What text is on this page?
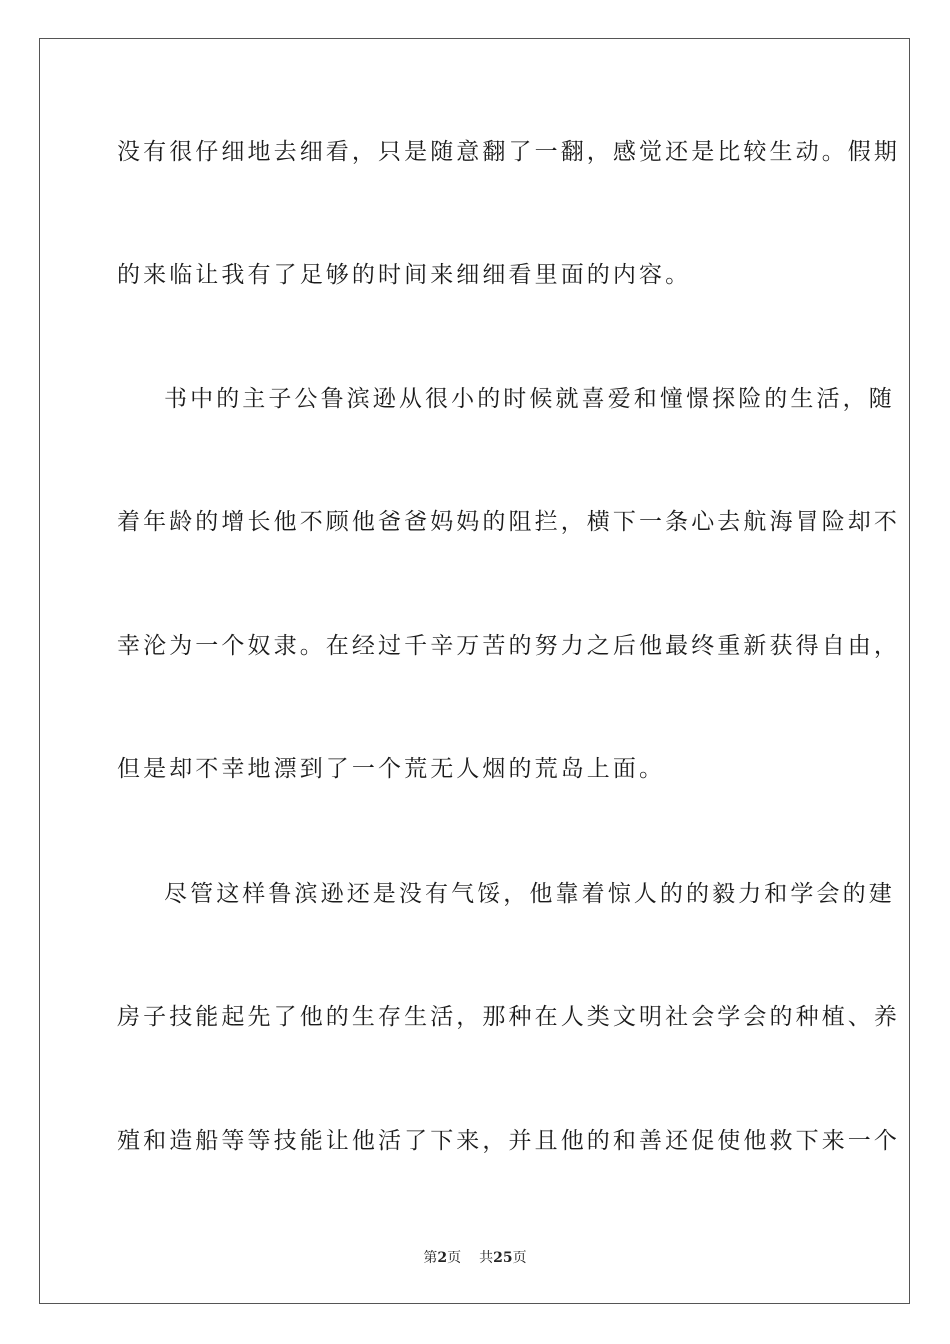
没有很仔细地去细看，只是随意翻了一翻，感觉还是比较生动。假期
的来临让我有了足够的时间来细细看里面的内容。
书中的主子公鲁滨逊从很小的时候就喜爱和憧憬探险的生活，随
着年龄的增长他不顾他爸爸妈妈的阻拦，横下一条心去航海冒险却不
幸沦为一个奴隶。在经过千辛万苦的努力之后他最终重新获得自由，
但是却不幸地漂到了一个荒无人烟的荒岛上面。
尽管这样鲁滨逊还是没有气馁，他靠着惊人的的毅力和学会的建
房子技能起先了他的生存生活，那种在人类文明社会学会的种植、养
殖和造船等等技能让他活了下来，并且他的和善还促使他救下来一个
第2页 共25页
